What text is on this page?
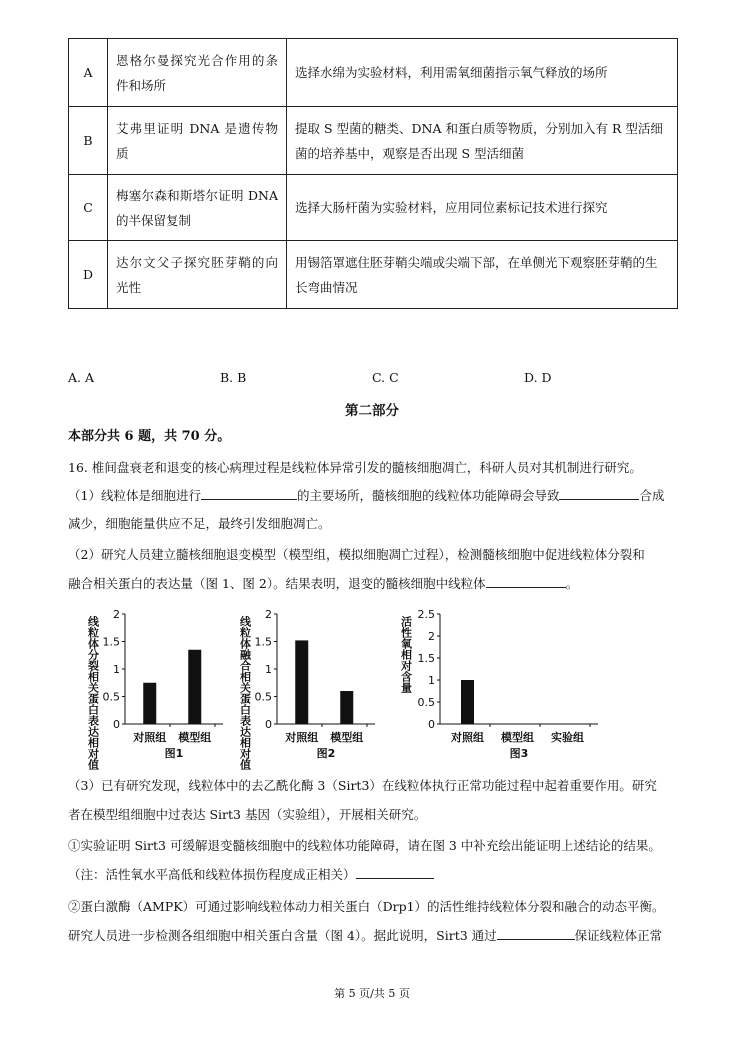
A	恩格尔曼探究光合作用的条件和场所	选择水绵为实验材料，利用需氧细菌指示氧气释放的场所
B	艾弗里证明 DNA 是遗传物质	提取 S 型菌的糖类、DNA 和蛋白质等物质，分别加入有 R 型活细菌的培养基中，观察是否出现 S 型活细菌
C	梅塞尔森和斯塔尔证明 DNA 的半保留复制	选择大肠杆菌为实验材料，应用同位素标记技术进行探究
D	达尔文父子探究胚芽鞘的向光性	用锡箔罩遮住胚芽鞘尖端或尖端下部，在单侧光下观察胚芽鞘的生长弯曲情况
A. A	B. B	C. C	D. D
第二部分
本部分共 6 题，共 70 分。
16. 椎间盘衰老和退变的核心病理过程是线粒体异常引发的髓核细胞凋亡，科研人员对其机制进行研究。
（1）线粒体是细胞进行	的主要场所，髓核细胞的线粒体功能障碍会导致	合成
减少，细胞能量供应不足，最终引发细胞凋亡。
（2）研究人员建立髓核细胞退变模型（模型组，模拟细胞凋亡过程），检测髓核细胞中促进线粒体分裂和
融合相关蛋白的表达量（图 1、图 2）。结果表明，退变的髓核细胞中线粒体	。
0
0.5
1
1.5
2
对照组 模型组
线粒体分裂相关蛋白表达相对值	图1
0
0.5
1
1.5
2
对照组 模型组
线粒体融合相关蛋白表达相对值	图2
0
0.5
1
1.5
2
2.5
对照组 模型组 实验组
活性氧相对含量
图3
（3）已有研究发现，线粒体中的去乙酰化酶 3（Sirt3）在线粒体执行正常功能过程中起着重要作用。研究
者在模型组细胞中过表达 Sirt3 基因（实验组），开展相关研究。
①实验证明 Sirt3 可缓解退变髓核细胞中的线粒体功能障碍，请在图 3 中补充绘出能证明上述结论的结果。
（注：活性氧水平高低和线粒体损伤程度成正相关）
②蛋白激酶（AMPK）可通过影响线粒体动力相关蛋白（Drp1）的活性维持线粒体分裂和融合的动态平衡。
研究人员进一步检测各组细胞中相关蛋白含量（图 4）。据此说明，Sirt3 通过	保证线粒体正常
第 5 页/共 5 页
